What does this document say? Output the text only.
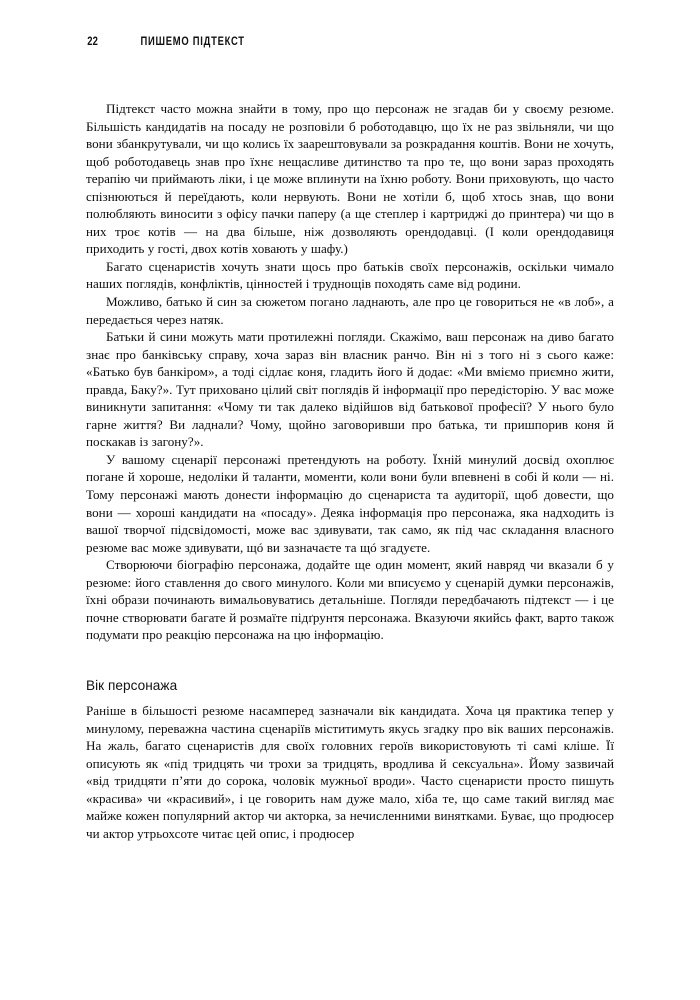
22	ПИШЕМО ПІДТЕКСТ

Підтекст часто можна знайти в тому, про що персонаж не згадав би у своєму резюме. Більшість кандидатів на посаду не розповіли б роботодавцю, що їх не раз звільняли, чи що вони збанкрутували, чи що колись їх заарештовували за розкрадання коштів. Вони не хочуть, щоб роботодавець знав про їхнє нещасливе дитинство та про те, що вони зараз проходять терапію чи приймають ліки, і це може вплинути на їхню роботу. Вони приховують, що часто спізнюються й переїдають, коли нервують. Вони не хотіли б, щоб хтось знав, що вони полюбляють виносити з офісу пачки паперу (а ще степлер і картриджі до принтера) чи що в них троє котів — на два більше, ніж дозволяють орендодавці. (І коли орендодавиця приходить у гості, двох котів ховають у шафу.)

Багато сценаристів хочуть знати щось про батьків своїх персонажів, оскільки чимало наших поглядів, конфліктів, цінностей і труднощів походять саме від родини.

Можливо, батько й син за сюжетом погано ладнають, але про це говориться не «в лоб», а передається через натяк.

Батьки й сини можуть мати протилежні погляди. Скажімо, ваш персонаж на диво багато знає про банківську справу, хоча зараз він власник ранчо. Він ні з того ні з сього каже: «Батько був банкіром», а тоді сідлає коня, гладить його й додає: «Ми вміємо приємно жити, правда, Баку?». Тут приховано цілий світ поглядів й інформації про передісторію. У вас може виникнути запитання: «Чому ти так далеко відійшов від батькової професії? У нього було гарне життя? Ви ладнали? Чому, щойно заговоривши про батька, ти пришпорив коня й поскакав із загону?».

У вашому сценарії персонажі претендують на роботу. Їхній минулий досвід охоплює погане й хороше, недоліки й таланти, моменти, коли вони були впевнені в собі й коли — ні. Тому персонажі мають донести інформацію до сценариста та аудиторії, щоб довести, що вони — хороші кандидати на «посаду». Деяка інформація про персонажа, яка надходить із вашої творчої підсвідомості, може вас здивувати, так само, як під час складання власного резюме вас може здивувати, щó ви зазначаєте та щó згадуєте.

Створюючи біографію персонажа, додайте ще один момент, який навряд чи вказали б у резюме: його ставлення до свого минулого. Коли ми вписуємо у сценарій думки персонажів, їхні образи починають вимальовуватись детальніше. Погляди передбачають підтекст — і це почне створювати багате й розмаїте підґрунтя персонажа. Вказуючи якийсь факт, варто також подумати про реакцію персонажа на цю інформацію.

Вік персонажа

Раніше в більшості резюме насамперед зазначали вік кандидата. Хоча ця практика тепер у минулому, переважна частина сценаріїв міститимуть якусь згадку про вік ваших персонажів. На жаль, багато сценаристів для своїх головних героїв використовують ті самі кліше. Її описують як «під тридцять чи трохи за тридцять, вродлива й сексуальна». Йому зазвичай «від тридцяти п’яти до сорока, чоловік мужньої вроди». Часто сценаристи просто пишуть «красива» чи «красивий», і це говорить нам дуже мало, хіба те, що саме такий вигляд має майже кожен популярний актор чи акторка, за нечисленними винятками. Буває, що продюсер чи актор утрьохсоте читає цей опис, і продюсер
